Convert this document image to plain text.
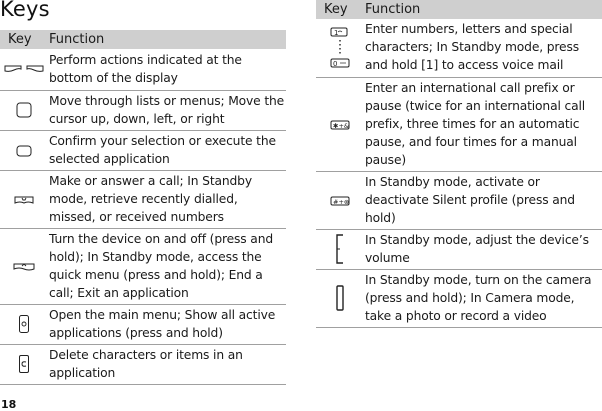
Keys
Key	Function
	Perform actions indicated at the bottom of the display
	Move through lists or menus; Move the cursor up, down, left, or right
	Confirm your selection or execute the selected application
	Make or answer a call; In Standby mode, retrieve recently dialled, missed, or received numbers
	Turn the device on and off (press and hold); In Standby mode, access the quick menu (press and hold); End a call; Exit an application
	Open the main menu; Show all active applications (press and hold)
	Delete characters or items in an application
Key	Function

1
0	Enter numbers, letters and special characters; In Standby mode, press and hold [1] to access voice mail

✱+&	Enter an international call prefix or pause (twice for an international call prefix, three times for an automatic pause, and four times for a manual pause)

#+⊗	In Standby mode, activate or deactivate Silent profile (press and hold)
	In Standby mode, adjust the device’s volume
	In Standby mode, turn on the camera (press and hold); In Camera mode, take a photo or record a video
18
